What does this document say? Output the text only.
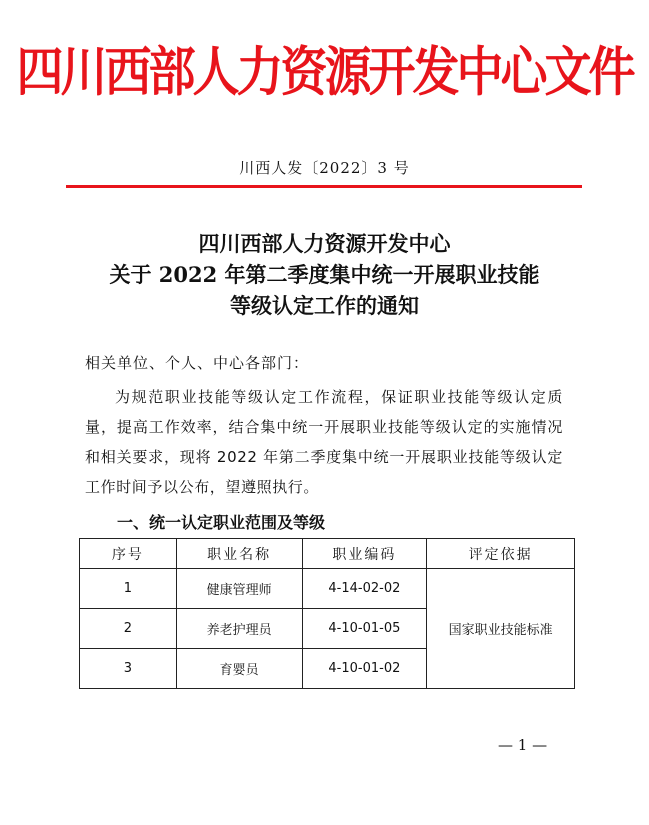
四川西部人力资源开发中心文件
川西人发〔2022〕3 号
四川西部人力资源开发中心
关于 2022 年第二季度集中统一开展职业技能
等级认定工作的通知
相关单位、个人、中心各部门：
为规范职业技能等级认定工作流程，保证职业技能等级认定质量，提高工作效率，结合集中统一开展职业技能等级认定的实施情况和相关要求，现将 2022 年第二季度集中统一开展职业技能等级认定工作时间予以公布，望遵照执行。
一、统一认定职业范围及等级
序号	职业名称	职业编码	评定依据
1	健康管理师	4-14-02-02	国家职业技能标准
2	养老护理员	4-10-01-05	
3	育婴员	4-10-01-02	
— 1 —
